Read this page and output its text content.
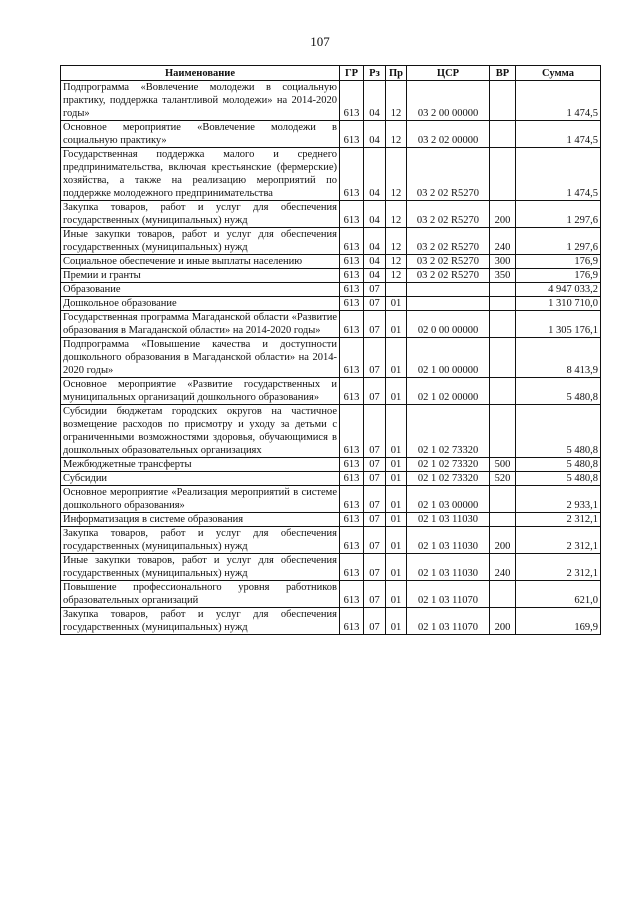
107
Наименование	ГР	Рз	Пр	ЦСР	ВР	Сумма
Подпрограмма «Вовлечение молодежи в социальную практику, поддержка талантливой молодежи» на 2014-2020 годы»	613	04	12	03 2 00 00000		1 474,5
Основное мероприятие «Вовлечение молодежи в социальную практику»	613	04	12	03 2 02 00000		1 474,5
Государственная поддержка малого и среднего предпринимательства, включая крестьянские (фермерские) хозяйства, а также на реализацию мероприятий по поддержке молодежного предпринимательства	613	04	12	03 2 02 R5270		1 474,5
Закупка товаров, работ и услуг для обеспечения государственных (муниципальных) нужд	613	04	12	03 2 02 R5270	200	1 297,6
Иные закупки товаров, работ и услуг для обеспечения государственных (муниципальных) нужд	613	04	12	03 2 02 R5270	240	1 297,6
Социальное обеспечение и иные выплаты населению	613	04	12	03 2 02 R5270	300	176,9
Премии и гранты	613	04	12	03 2 02 R5270	350	176,9
Образование	613	07				4 947 033,2
Дошкольное образование	613	07	01			1 310 710,0
Государственная программа Магаданской области «Развитие образования в Магаданской области» на 2014-2020 годы»	613	07	01	02 0 00 00000		1 305 176,1
Подпрограмма «Повышение качества и доступности дошкольного образования в Магаданской области» на 2014-2020 годы»	613	07	01	02 1 00 00000		8 413,9
Основное мероприятие «Развитие государственных и муниципальных организаций дошкольного образования»	613	07	01	02 1 02 00000		5 480,8
Субсидии бюджетам городских округов на частичное возмещение расходов по присмотру и уходу за детьми с ограниченными возможностями здоровья, обучающимися в дошкольных образовательных организациях	613	07	01	02 1 02 73320		5 480,8
Межбюджетные трансферты	613	07	01	02 1 02 73320	500	5 480,8
Субсидии	613	07	01	02 1 02 73320	520	5 480,8
Основное мероприятие «Реализация мероприятий в системе дошкольного образования»	613	07	01	02 1 03 00000		2 933,1
Информатизация в системе образования	613	07	01	02 1 03 11030		2 312,1
Закупка товаров, работ и услуг для обеспечения государственных (муниципальных) нужд	613	07	01	02 1 03 11030	200	2 312,1
Иные закупки товаров, работ и услуг для обеспечения государственных (муниципальных) нужд	613	07	01	02 1 03 11030	240	2 312,1
Повышение профессионального уровня работников образовательных организаций	613	07	01	02 1 03 11070		621,0
Закупка товаров, работ и услуг для обеспечения государственных (муниципальных) нужд	613	07	01	02 1 03 11070	200	169,9
